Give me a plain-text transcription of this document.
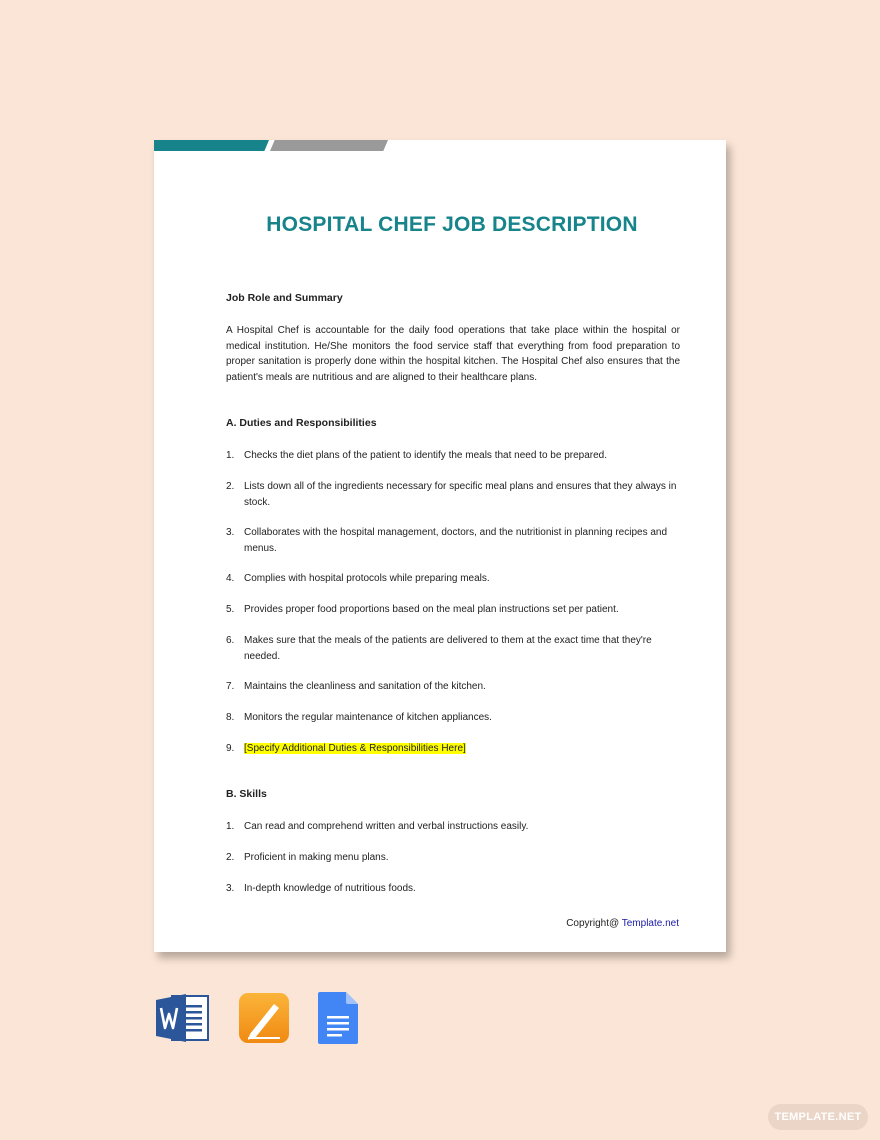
HOSPITAL CHEF JOB DESCRIPTION

Job Role and Summary

A Hospital Chef is accountable for the daily food operations that take place within the hospital or medical institution. He/She monitors the food service staff that everything from food preparation to proper sanitation is properly done within the hospital kitchen. The Hospital Chef also ensures that the patient's meals are nutritious and are aligned to their healthcare plans.

A. Duties and Responsibilities

1. Checks the diet plans of the patient to identify the meals that need to be prepared.
2. Lists down all of the ingredients necessary for specific meal plans and ensures that they always in stock.
3. Collaborates with the hospital management, doctors, and the nutritionist in planning recipes and menus.
4. Complies with hospital protocols while preparing meals.
5. Provides proper food proportions based on the meal plan instructions set per patient.
6. Makes sure that the meals of the patients are delivered to them at the exact time that they're needed.
7. Maintains the cleanliness and sanitation of the kitchen.
8. Monitors the regular maintenance of kitchen appliances.
9. [Specify Additional Duties & Responsibilities Here]

B. Skills

1. Can read and comprehend written and verbal instructions easily.
2. Proficient in making menu plans.
3. In-depth knowledge of nutritious foods.
Copyright@ Template.net
TEMPLATE.NET
